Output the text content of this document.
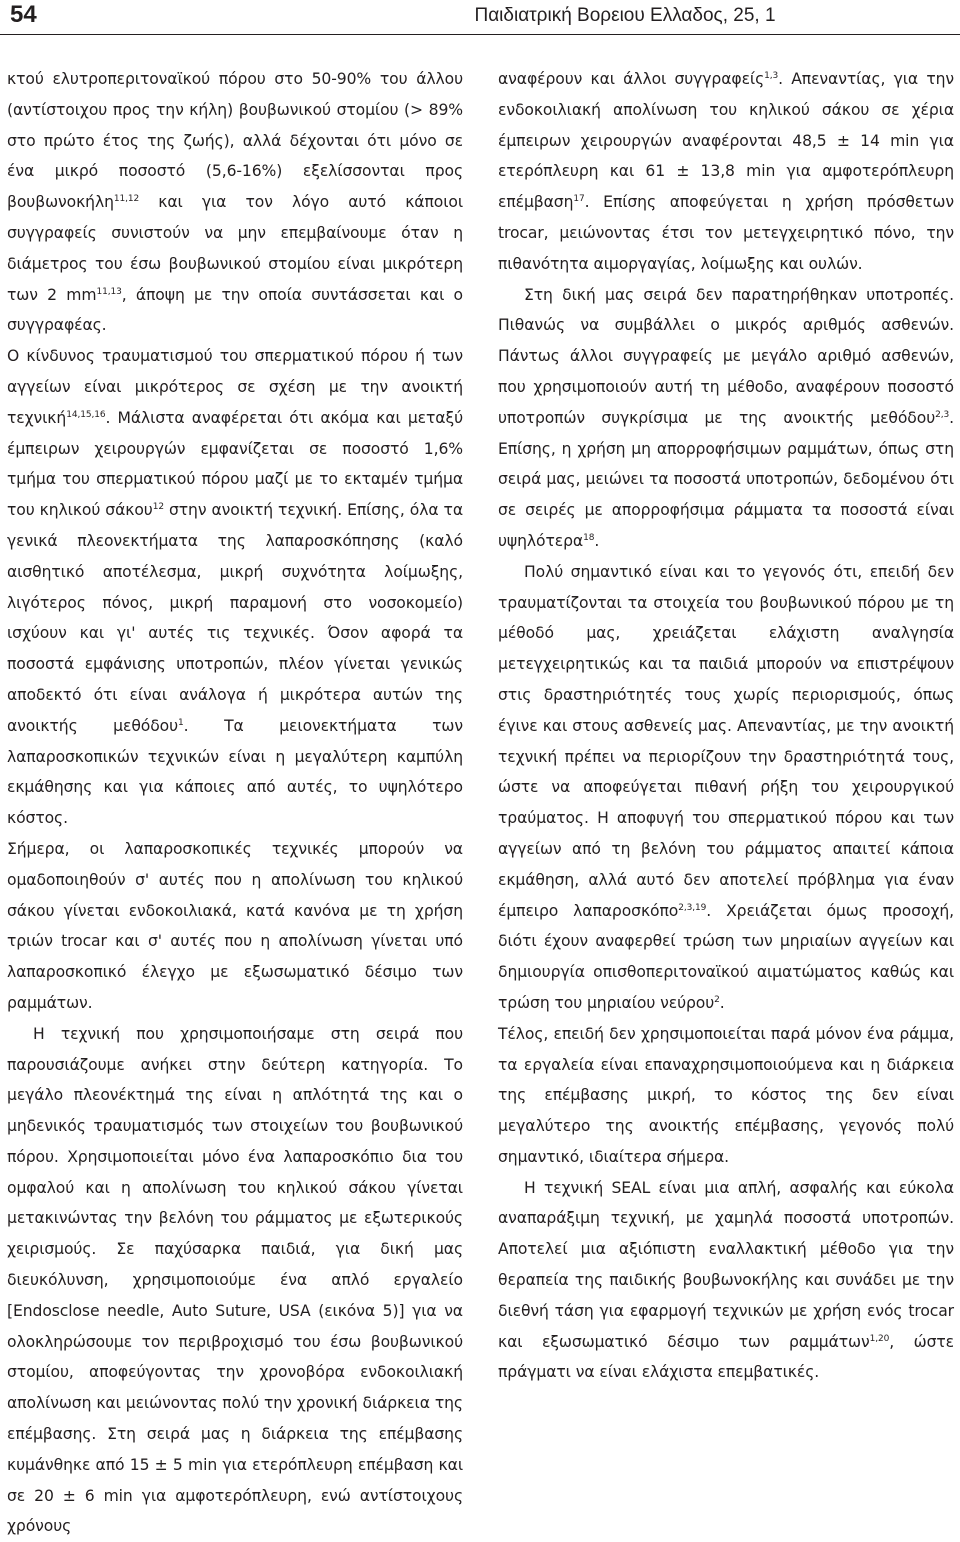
54	Παιδιατρική Βορειου Ελλαδος, 25, 1

κτού ελυτροπεριτοναϊκού πόρου στο 50-90% του άλλου (αντίστοιχου προς την κήλη) βουβωνικού στομίου (> 89% στο πρώτο έτος της ζωής), αλλά δέχονται ότι μόνο σε ένα μικρό ποσοστό (5,6-16%) εξελίσσονται προς βουβωνοκήλη$^{11,12}$ και για τον λόγο αυτό κάποιοι συγγραφείς συνιστούν να μην επεμβαίνουμε όταν η διάμετρος του έσω βουβωνικού στομίου είναι μικρότερη των 2 mm$^{11,13}$, άποψη με την οποία συντάσσεται και ο συγγραφέας.

Ο κίνδυνος τραυματισμού του σπερματικού πόρου ή των αγγείων είναι μικρότερος σε σχέση με την ανοικτή τεχνική$^{14,15,16}$. Μάλιστα αναφέρεται ότι ακόμα και μεταξύ έμπειρων χειρουργών εμφανίζεται σε ποσοστό 1,6% τμήμα του σπερματικού πόρου μαζί με το εκταμέν τμήμα του κηλικού σάκου$^{12}$ στην ανοικτή τεχνική. Επίσης, όλα τα γενικά πλεονεκτήματα της λαπαροσκόπησης (καλό αισθητικό αποτέλεσμα, μικρή συχνότητα λοίμωξης, λιγότερος πόνος, μικρή παραμονή στο νοσοκομείο) ισχύουν και γι' αυτές τις τεχνικές. Όσον αφορά τα ποσοστά εμφάνισης υποτροπών, πλέον γίνεται γενικώς αποδεκτό ότι είναι ανάλογα ή μικρότερα αυτών της ανοικτής μεθόδου$^1$. Τα μειονεκτήματα των λαπαροσκοπικών τεχνικών είναι η μεγαλύτερη καμπύλη εκμάθησης και για κάποιες από αυτές, το υψηλότερο κόστος.

Σήμερα, οι λαπαροσκοπικές τεχνικές μπορούν να ομαδοποιηθούν σ' αυτές που η απολίνωση του κηλικού σάκου γίνεται ενδοκοιλιακά, κατά κανόνα με τη χρήση τριών trocar και σ' αυτές που η απολίνωση γίνεται υπό λαπαροσκοπικό έλεγχο με εξωσωματικό δέσιμο των ραμμάτων.

Η τεχνική που χρησιμοποιήσαμε στη σειρά που παρουσιάζουμε ανήκει στην δεύτερη κατηγορία. Το μεγάλο πλεονέκτημά της είναι η απλότητά της και ο μηδενικός τραυματισμός των στοιχείων του βουβωνικού πόρου. Χρησιμοποιείται μόνο ένα λαπαροσκόπιο δια του ομφαλού και η απολίνωση του κηλικού σάκου γίνεται μετακινώντας την βελόνη του ράμματος με εξωτερικούς χειρισμούς. Σε παχύσαρκα παιδιά, για δική μας διευκόλυνση, χρησιμοποιούμε ένα απλό εργαλείο [Endosclose needle, Auto Suture, USA (εικόνα 5)] για να ολοκληρώσουμε τον περιβροχισμό του έσω βουβωνικού στομίου, αποφεύγοντας την χρονοβόρα ενδοκοιλιακή απολίνωση και μειώνοντας πολύ την χρονική διάρκεια της επέμβασης. Στη σειρά μας η διάρκεια της επέμβασης κυμάνθηκε από 15 ± 5 min για ετερόπλευρη επέμβαση και σε 20 ± 6 min για αμφοτερόπλευρη, ενώ αντίστοιχους χρόνους

αναφέρουν και άλλοι συγγραφείς$^{1,3}$. Απεναντίας, για την ενδοκοιλιακή απολίνωση του κηλικού σάκου σε χέρια έμπειρων χειρουργών αναφέρονται 48,5 ± 14 min για ετερόπλευρη και 61 ± 13,8 min για αμφοτερόπλευρη επέμβαση$^{17}$. Επίσης αποφεύγεται η χρήση πρόσθετων trocar, μειώνοντας έτσι τον μετεγχειρητικό πόνο, την πιθανότητα αιμοργαγίας, λοίμωξης και ουλών.

Στη δική μας σειρά δεν παρατηρήθηκαν υποτροπές. Πιθανώς να συμβάλλει ο μικρός αριθμός ασθενών. Πάντως άλλοι συγγραφείς με μεγάλο αριθμό ασθενών, που χρησιμοποιούν αυτή τη μέθοδο, αναφέρουν ποσοστό υποτροπών συγκρίσιμα με της ανοικτής μεθόδου$^{2,3}$. Επίσης, η χρήση μη απορροφήσιμων ραμμάτων, όπως στη σειρά μας, μειώνει τα ποσοστά υποτροπών, δεδομένου ότι σε σειρές με απορροφήσιμα ράμματα τα ποσοστά είναι υψηλότερα$^{18}$.

Πολύ σημαντικό είναι και το γεγονός ότι, επειδή δεν τραυματίζονται τα στοιχεία του βουβωνικού πόρου με τη μέθοδό μας, χρειάζεται ελάχιστη αναλγησία μετεγχειρητικώς και τα παιδιά μπορούν να επιστρέψουν στις δραστηριότητές τους χωρίς περιορισμούς, όπως έγινε και στους ασθενείς μας. Απεναντίας, με την ανοικτή τεχνική πρέπει να περιορίζουν την δραστηριότητά τους, ώστε να αποφεύγεται πιθανή ρήξη του χειρουργικού τραύματος. Η αποφυγή του σπερματικού πόρου και των αγγείων από τη βελόνη του ράμματος απαιτεί κάποια εκμάθηση, αλλά αυτό δεν αποτελεί πρόβλημα για έναν έμπειρο λαπαροσκόπο$^{2,3,19}$. Χρειάζεται όμως προσοχή, διότι έχουν αναφερθεί τρώση των μηριαίων αγγείων και δημιουργία οπισθοπεριτοναϊκού αιματώματος καθώς και τρώση του μηριαίου νεύρου$^2$.

Τέλος, επειδή δεν χρησιμοποιείται παρά μόνον ένα ράμμα, τα εργαλεία είναι επαναχρησιμοποιούμενα και η διάρκεια της επέμβασης μικρή, το κόστος της δεν είναι μεγαλύτερο της ανοικτής επέμβασης, γεγονός πολύ σημαντικό, ιδιαίτερα σήμερα.

Η τεχνική SEAL είναι μια απλή, ασφαλής και εύκολα αναπαράξιμη τεχνική, με χαμηλά ποσοστά υποτροπών. Αποτελεί μια αξιόπιστη εναλλακτική μέθοδο για την θεραπεία της παιδικής βουβωνοκήλης και συνάδει με την διεθνή τάση για εφαρμογή τεχνικών με χρήση ενός trocar και εξωσωματικό δέσιμο των ραμμάτων$^{1,20}$, ώστε πράγματι να είναι ελάχιστα επεμβατικές.
